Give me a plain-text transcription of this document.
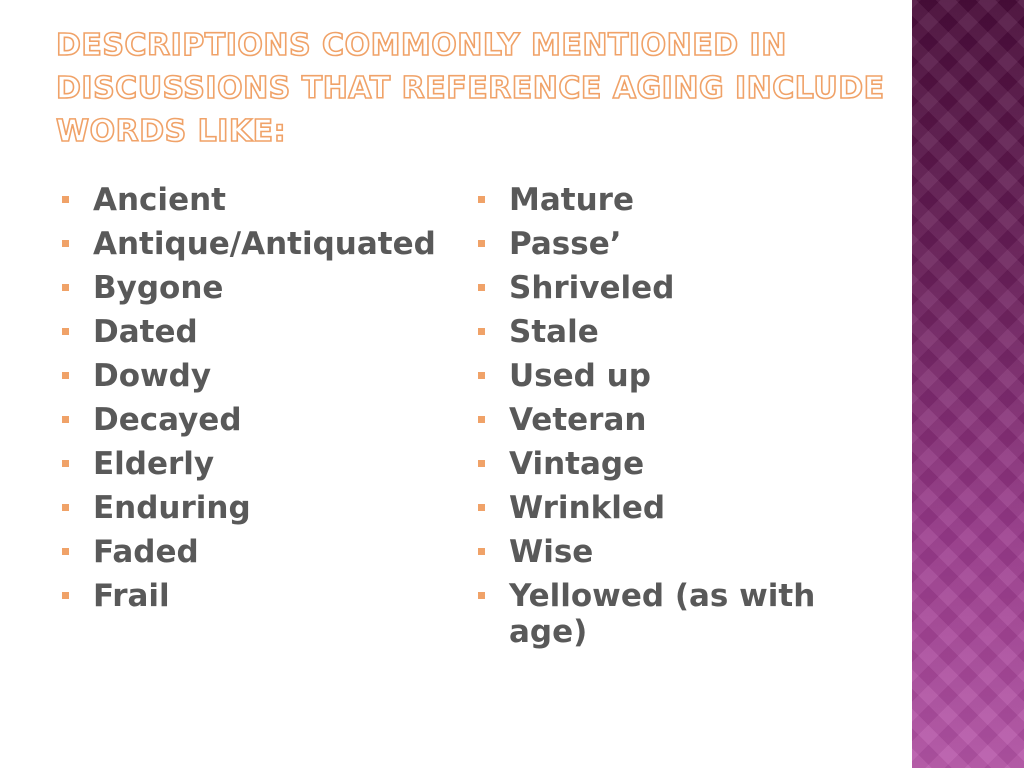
DESCRIPTIONS COMMONLY MENTIONED IN DISCUSSIONS THAT REFERENCE AGING INCLUDE WORDS LIKE:
Ancient
Antique/Antiquated
Bygone
Dated
Dowdy
Decayed
Elderly
Enduring
Faded
Frail
Mature
Passe’
Shriveled
Stale
Used up
Veteran
Vintage
Wrinkled
Wise
Yellowed (as with age)
